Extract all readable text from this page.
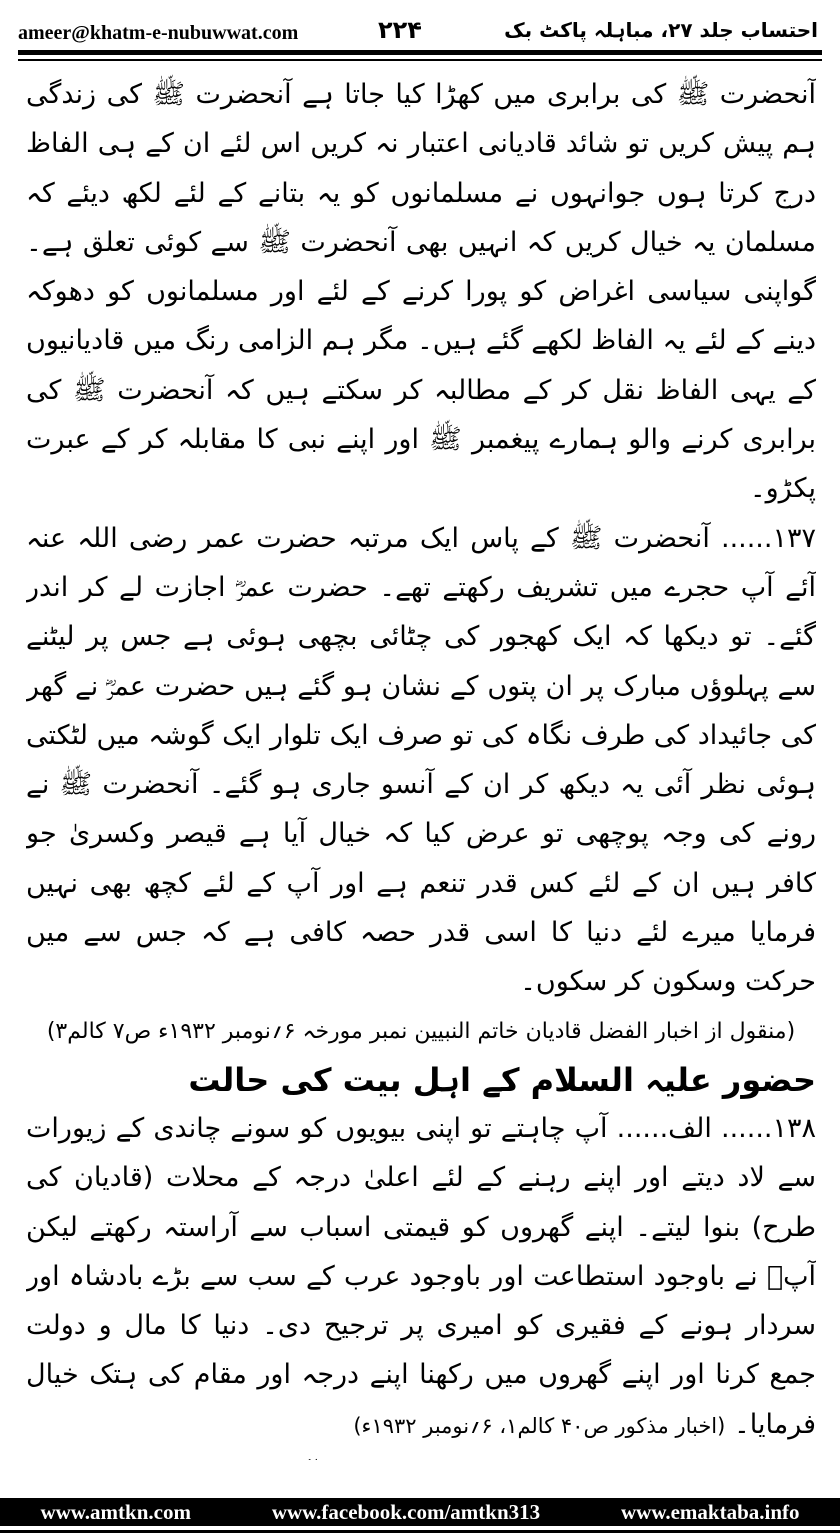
ameer@khatm-e-nubuwwat.com	۲۲۴	احتساب جلد ۲۷، مباہلہ پاکٹ بک

آنحضرت ﷺ کی برابری میں کھڑا کیا جاتا ہے آنحضرت ﷺ کی زندگی ہم پیش کریں تو شائد قادیانی اعتبار نہ کریں اس لئے ان کے ہی الفاظ درج کرتا ہوں جوانہوں نے مسلمانوں کو یہ بتانے کے لئے لکھ دیئے کہ مسلمان یہ خیال کریں کہ انہیں بھی آنحضرت ﷺ سے کوئی تعلق ہے۔ گواپنی سیاسی اغراض کو پورا کرنے کے لئے اور مسلمانوں کو دھوکہ دینے کے لئے یہ الفاظ لکھے گئے ہیں۔ مگر ہم الزامی رنگ میں قادیانیوں کے یہی الفاظ نقل کر کے مطالبہ کر سکتے ہیں کہ آنحضرت ﷺ کی برابری کرنے والو ہمارے پیغمبر ﷺ اور اپنے نبی کا مقابلہ کر کے عبرت پکڑو۔

۱۳۷...... آنحضرت ﷺ کے پاس ایک مرتبہ حضرت عمر رضی اللہ عنہ آئے آپ حجرے میں تشریف رکھتے تھے۔ حضرت عمرؓ اجازت لے کر اندر گئے۔ تو دیکھا کہ ایک کھجور کی چٹائی بچھی ہوئی ہے جس پر لیٹنے سے پہلوؤں مبارک پر ان پتوں کے نشان ہو گئے ہیں حضرت عمرؓ نے گھر کی جائیداد کی طرف نگاہ کی تو صرف ایک تلوار ایک گوشہ میں لٹکتی ہوئی نظر آئی یہ دیکھ کر ان کے آنسو جاری ہو گئے۔ آنحضرت ﷺ نے رونے کی وجہ پوچھی تو عرض کیا کہ خیال آیا ہے قیصر وکسریٰ جو کافر ہیں ان کے لئے کس قدر تنعم ہے اور آپ کے لئے کچھ بھی نہیں فرمایا میرے لئے دنیا کا اسی قدر حصہ کافی ہے کہ جس سے میں حرکت وسکون کر سکوں۔

(منقول از اخبار الفضل قادیان خاتم النبیین نمبر مورخہ ۶؍نومبر ۱۹۳۲ء ص۷ کالم۳)

حضور علیہ السلام کے اہل بیت کی حالت

۱۳۸...... الف...... آپ چاہتے تو اپنی بیویوں کو سونے چاندی کے زیورات سے لاد دیتے اور اپنے رہنے کے لئے اعلیٰ درجہ کے محلات (قادیان کی طرح) بنوا لیتے۔ اپنے گھروں کو قیمتی اسباب سے آراستہ رکھتے لیکن آپؐ نے باوجود استطاعت اور باوجود عرب کے سب سے بڑے بادشاہ اور سردار ہونے کے فقیری کو امیری پر ترجیح دی۔ دنیا کا مال و دولت جمع کرنا اور اپنے گھروں میں رکھنا اپنے درجہ اور مقام کی ہتک خیال فرمایا۔ (اخبار مذکور ص۴۰ کالم۱، ۶؍نومبر ۱۹۳۲ء)

www.amtkn.com	www.facebook.com/amtkn313	www.emaktaba.info
